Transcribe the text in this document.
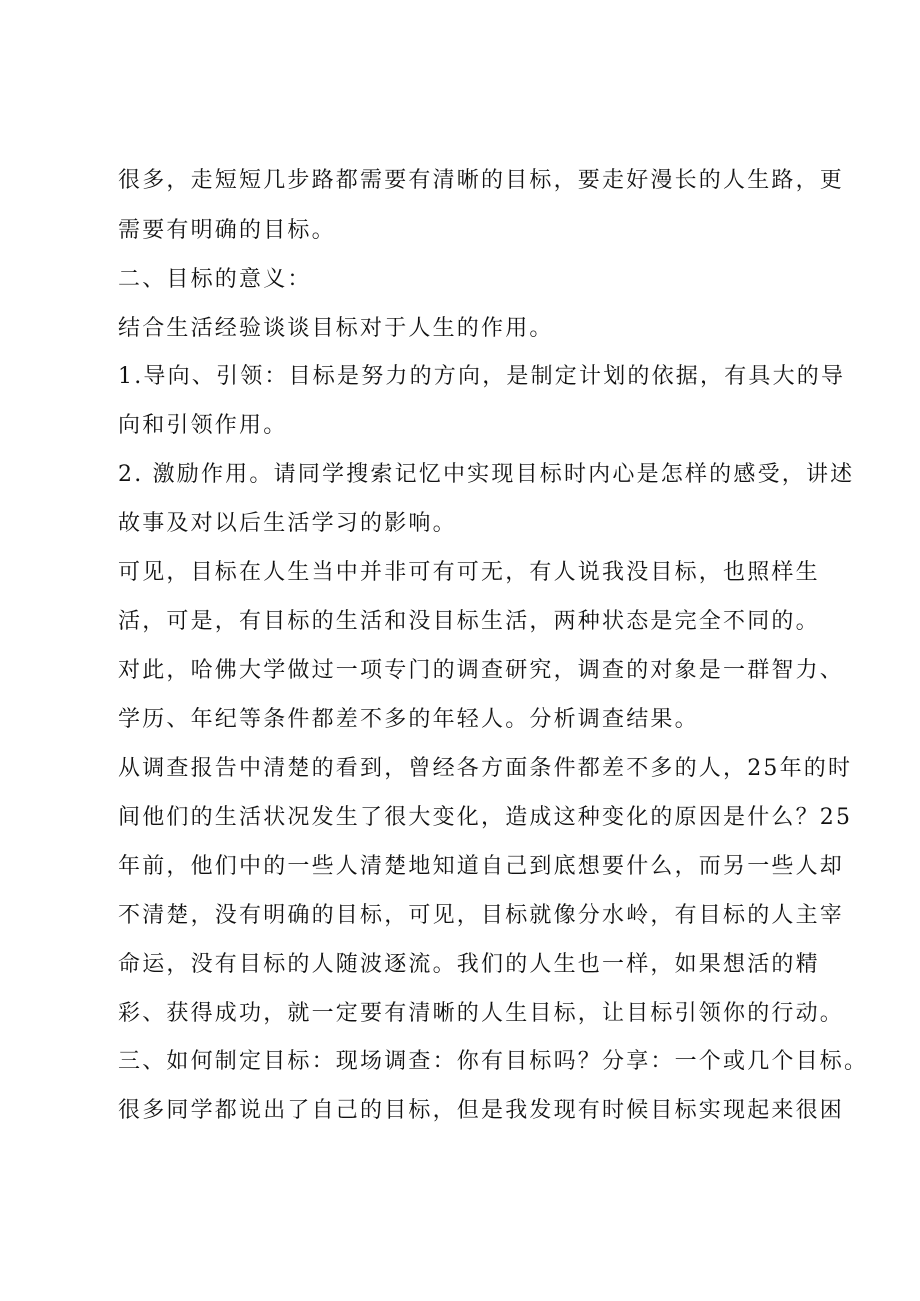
很多，走短短几步路都需要有清晰的目标，要走好漫长的人生路，更
需要有明确的目标。
二、目标的意义：
结合生活经验谈谈目标对于人生的作用。
1.导向、引领：目标是努力的方向，是制定计划的依据，有具大的导
向和引领作用。
2. 激励作用。请同学搜索记忆中实现目标时内心是怎样的感受，讲述
故事及对以后生活学习的影响。
可见，目标在人生当中并非可有可无，有人说我没目标，也照样生
活，可是，有目标的生活和没目标生活，两种状态是完全不同的。
对此，哈佛大学做过一项专门的调查研究，调查的对象是一群智力、
学历、年纪等条件都差不多的年轻人。分析调查结果。
从调查报告中清楚的看到，曾经各方面条件都差不多的人，25年的时
间他们的生活状况发生了很大变化，造成这种变化的原因是什么？25
年前，他们中的一些人清楚地知道自己到底想要什么，而另一些人却
不清楚，没有明确的目标，可见，目标就像分水岭，有目标的人主宰
命运，没有目标的人随波逐流。我们的人生也一样，如果想活的精
彩、获得成功，就一定要有清晰的人生目标，让目标引领你的行动。
三、如何制定目标：现场调查：你有目标吗？分享：一个或几个目标。
很多同学都说出了自己的目标，但是我发现有时候目标实现起来很困
